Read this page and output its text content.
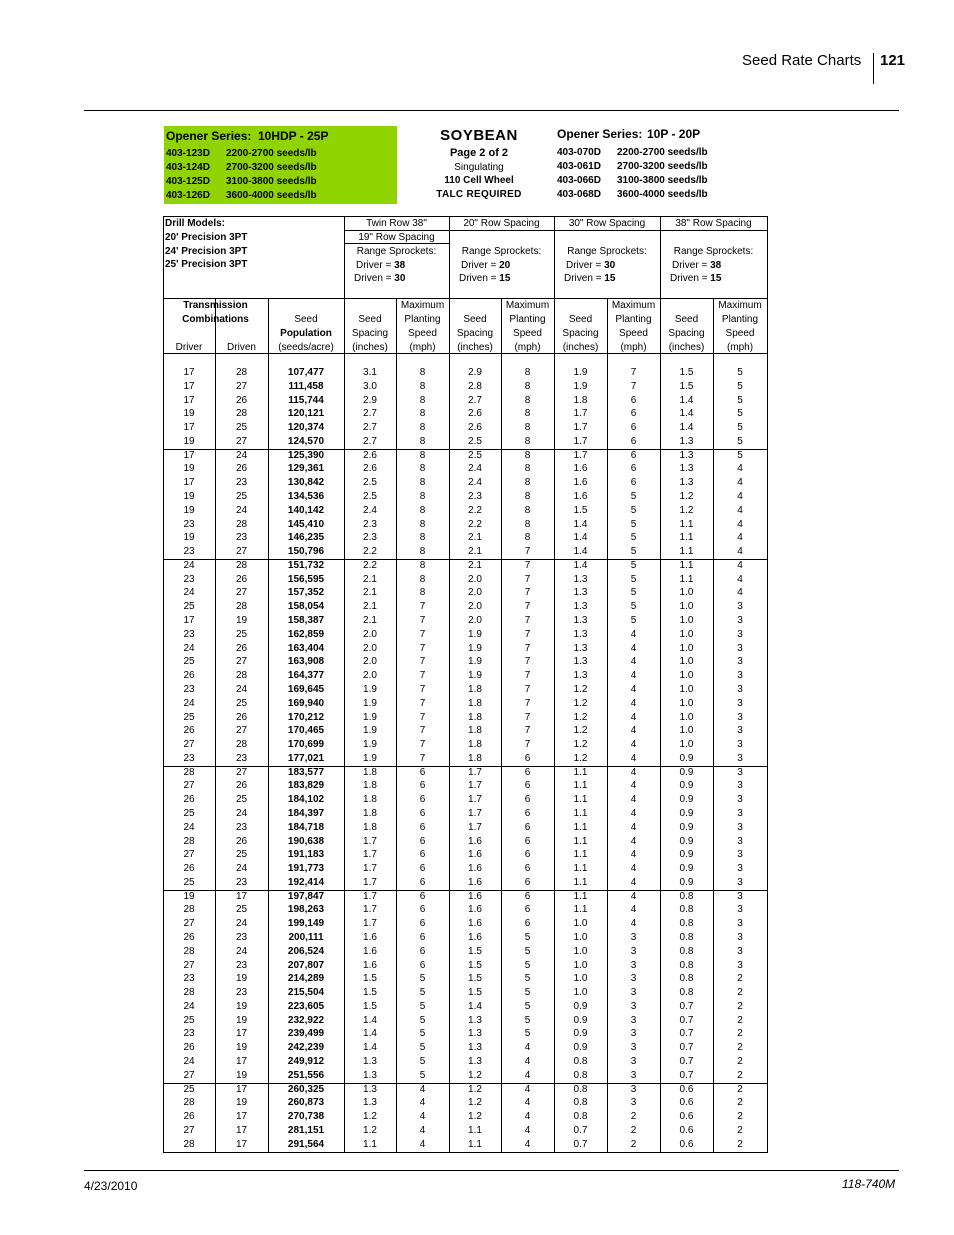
Seed Rate Charts 121
Opener Series: 10HDP - 25P
403-123D 2200-2700 seeds/lb
403-124D 2700-3200 seeds/lb
403-125D 3100-3800 seeds/lb
403-126D 3600-4000 seeds/lb
SOYBEAN
Page 2 of 2
Singulating
110 Cell Wheel
TALC REQUIRED
Opener Series: 10P - 20P
403-070D 2200-2700 seeds/lb
403-061D 2700-3200 seeds/lb
403-066D 3100-3800 seeds/lb
403-068D 3600-4000 seeds/lb
Drill Models:
20' Precision 3PT
24' Precision 3PT
25' Precision 3PT
Twin Row 38"
19" Row Spacing
Range Sprockets:
Driver = 38
Driven = 30
20" Row Spacing
Range Sprockets:
Driver = 20
Driven = 15
30" Row Spacing
Range Sprockets:
Driver = 30
Driven = 15
38" Row Spacing
Range Sprockets:
Driver = 38
Driven = 15
Transmission
Combinations
Driver	Driven
Seed
Population
(seeds/acre)
Seed
Spacing
(inches)
Maximum
Planting
Speed
(mph)
Seed
Spacing
(inches)
Maximum
Planting
Speed
(mph)
Seed
Spacing
(inches)
Maximum
Planting
Speed
(mph)
Seed
Spacing
(inches)
Maximum
Planting
Speed
(mph)
17	28	107,477	3.1	8	2.9	8	1.9	7	1.5	5
17	27	111,458	3.0	8	2.8	8	1.9	7	1.5	5
17	26	115,744	2.9	8	2.7	8	1.8	6	1.4	5
19	28	120,121	2.7	8	2.6	8	1.7	6	1.4	5
17	25	120,374	2.7	8	2.6	8	1.7	6	1.4	5
19	27	124,570	2.7	8	2.5	8	1.7	6	1.3	5
17	24	125,390	2.6	8	2.5	8	1.7	6	1.3	5
19	26	129,361	2.6	8	2.4	8	1.6	6	1.3	4
17	23	130,842	2.5	8	2.4	8	1.6	6	1.3	4
19	25	134,536	2.5	8	2.3	8	1.6	5	1.2	4
19	24	140,142	2.4	8	2.2	8	1.5	5	1.2	4
23	28	145,410	2.3	8	2.2	8	1.4	5	1.1	4
19	23	146,235	2.3	8	2.1	8	1.4	5	1.1	4
23	27	150,796	2.2	8	2.1	7	1.4	5	1.1	4
24	28	151,732	2.2	8	2.1	7	1.4	5	1.1	4
23	26	156,595	2.1	8	2.0	7	1.3	5	1.1	4
24	27	157,352	2.1	8	2.0	7	1.3	5	1.0	4
25	28	158,054	2.1	7	2.0	7	1.3	5	1.0	3
17	19	158,387	2.1	7	2.0	7	1.3	5	1.0	3
23	25	162,859	2.0	7	1.9	7	1.3	4	1.0	3
24	26	163,404	2.0	7	1.9	7	1.3	4	1.0	3
25	27	163,908	2.0	7	1.9	7	1.3	4	1.0	3
26	28	164,377	2.0	7	1.9	7	1.3	4	1.0	3
23	24	169,645	1.9	7	1.8	7	1.2	4	1.0	3
24	25	169,940	1.9	7	1.8	7	1.2	4	1.0	3
25	26	170,212	1.9	7	1.8	7	1.2	4	1.0	3
26	27	170,465	1.9	7	1.8	7	1.2	4	1.0	3
27	28	170,699	1.9	7	1.8	7	1.2	4	1.0	3
23	23	177,021	1.9	7	1.8	6	1.2	4	0.9	3
28	27	183,577	1.8	6	1.7	6	1.1	4	0.9	3
27	26	183,829	1.8	6	1.7	6	1.1	4	0.9	3
26	25	184,102	1.8	6	1.7	6	1.1	4	0.9	3
25	24	184,397	1.8	6	1.7	6	1.1	4	0.9	3
24	23	184,718	1.8	6	1.7	6	1.1	4	0.9	3
28	26	190,638	1.7	6	1.6	6	1.1	4	0.9	3
27	25	191,183	1.7	6	1.6	6	1.1	4	0.9	3
26	24	191,773	1.7	6	1.6	6	1.1	4	0.9	3
25	23	192,414	1.7	6	1.6	6	1.1	4	0.9	3
19	17	197,847	1.7	6	1.6	6	1.1	4	0.8	3
28	25	198,263	1.7	6	1.6	6	1.1	4	0.8	3
27	24	199,149	1.7	6	1.6	6	1.0	4	0.8	3
26	23	200,111	1.6	6	1.6	5	1.0	3	0.8	3
28	24	206,524	1.6	6	1.5	5	1.0	3	0.8	3
27	23	207,807	1.6	6	1.5	5	1.0	3	0.8	3
23	19	214,289	1.5	5	1.5	5	1.0	3	0.8	2
28	23	215,504	1.5	5	1.5	5	1.0	3	0.8	2
24	19	223,605	1.5	5	1.4	5	0.9	3	0.7	2
25	19	232,922	1.4	5	1.3	5	0.9	3	0.7	2
23	17	239,499	1.4	5	1.3	5	0.9	3	0.7	2
26	19	242,239	1.4	5	1.3	4	0.9	3	0.7	2
24	17	249,912	1.3	5	1.3	4	0.8	3	0.7	2
27	19	251,556	1.3	5	1.2	4	0.8	3	0.7	2
25	17	260,325	1.3	4	1.2	4	0.8	3	0.6	2
28	19	260,873	1.3	4	1.2	4	0.8	3	0.6	2
26	17	270,738	1.2	4	1.2	4	0.8	2	0.6	2
27	17	281,151	1.2	4	1.1	4	0.7	2	0.6	2
28	17	291,564	1.1	4	1.1	4	0.7	2	0.6	2
4/23/2010	118-740M
